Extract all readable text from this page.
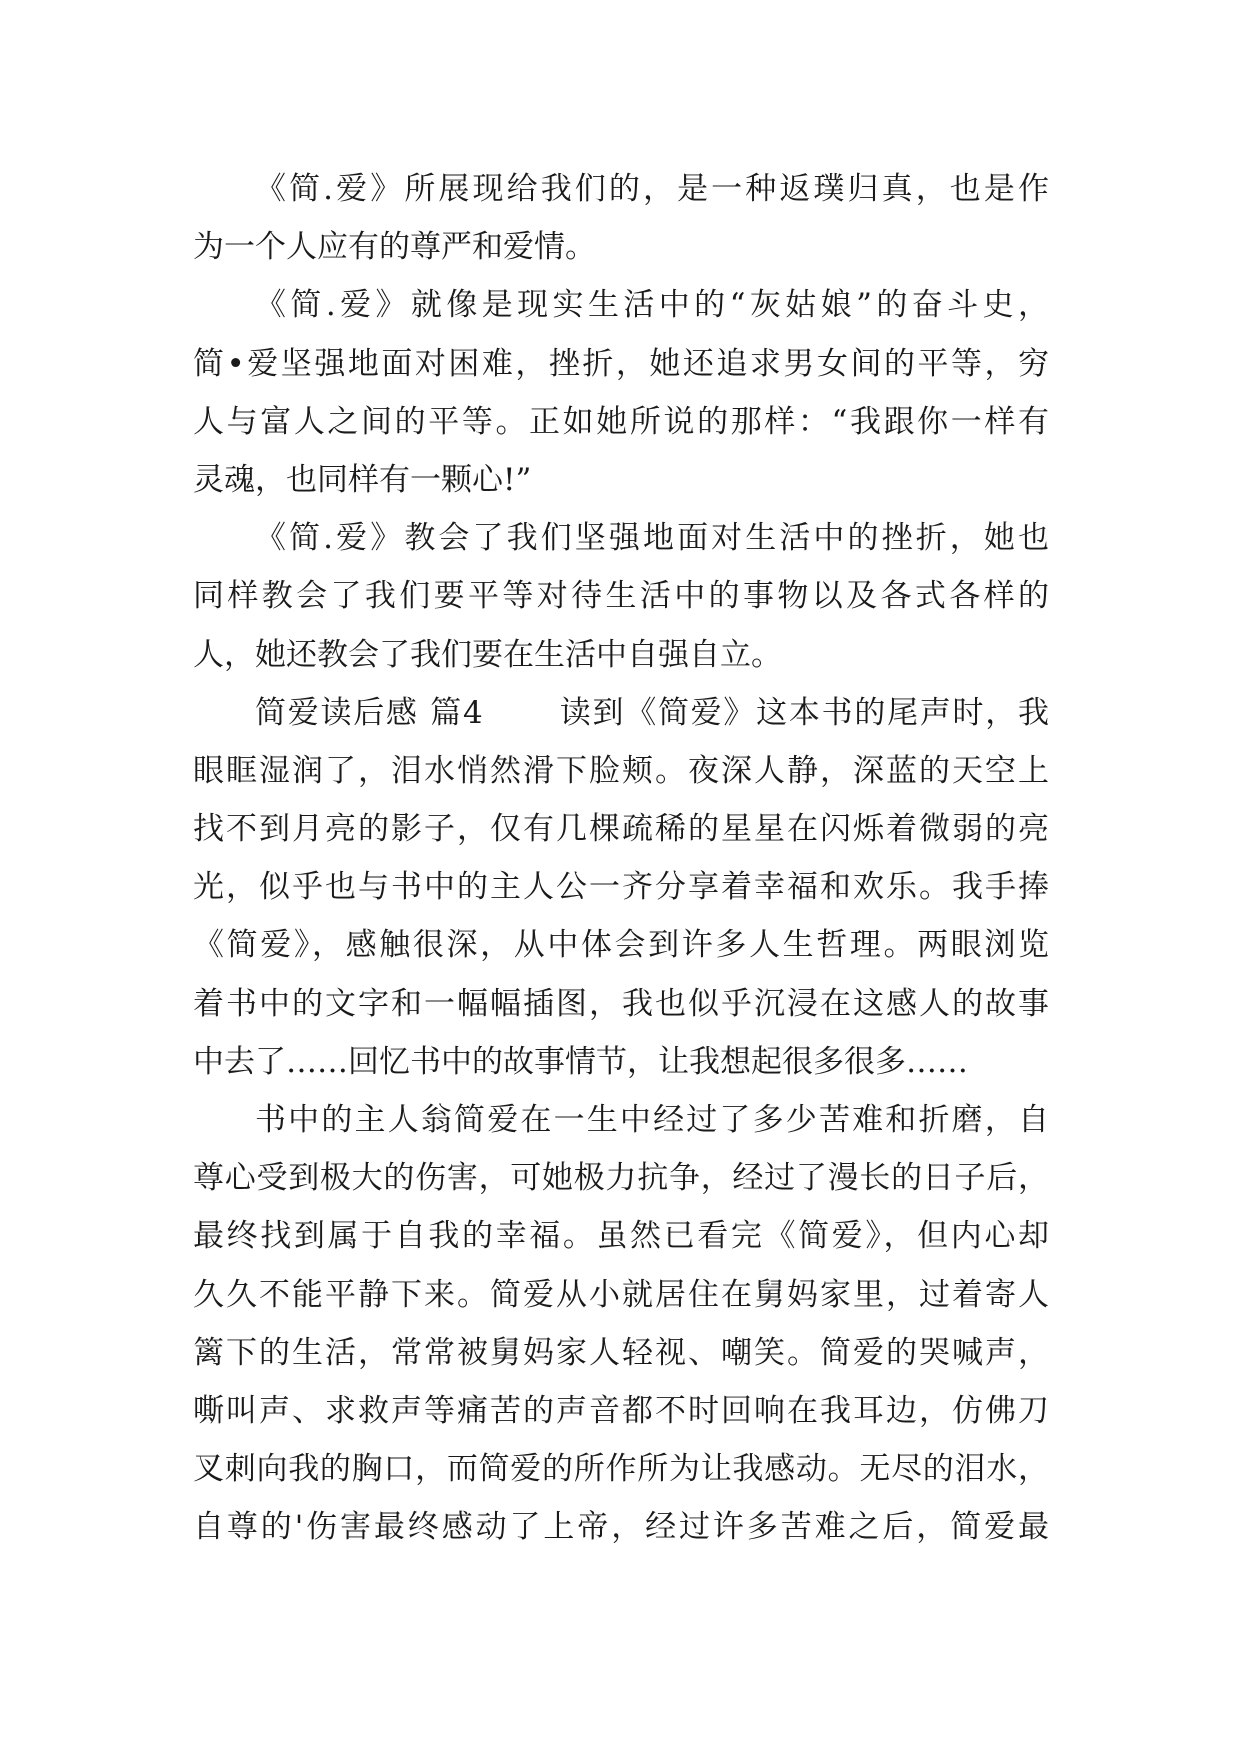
《简.爱》所展现给我们的，是一种返璞归真，也是作
为一个人应有的尊严和爱情。
《简.爱》就像是现实生活中的“灰姑娘”的奋斗史，
简•爱坚强地面对困难，挫折，她还追求男女间的平等，穷
人与富人之间的平等。正如她所说的那样：“我跟你一样有
灵魂，也同样有一颗心!”
《简.爱》教会了我们坚强地面对生活中的挫折，她也
同样教会了我们要平等对待生活中的事物以及各式各样的
人，她还教会了我们要在生活中自强自立。
简爱读后感 篇4 　　读到《简爱》这本书的尾声时，我
眼眶湿润了，泪水悄然滑下脸颊。夜深人静，深蓝的天空上
找不到月亮的影子，仅有几棵疏稀的星星在闪烁着微弱的亮
光，似乎也与书中的主人公一齐分享着幸福和欢乐。我手捧
《简爱》，感触很深，从中体会到许多人生哲理。两眼浏览
着书中的文字和一幅幅插图，我也似乎沉浸在这感人的故事
中去了……回忆书中的故事情节，让我想起很多很多……
书中的主人翁简爱在一生中经过了多少苦难和折磨，自
尊心受到极大的伤害，可她极力抗争，经过了漫长的日子后，
最终找到属于自我的幸福。虽然已看完《简爱》，但内心却
久久不能平静下来。简爱从小就居住在舅妈家里，过着寄人
篱下的生活，常常被舅妈家人轻视、嘲笑。简爱的哭喊声，
嘶叫声、求救声等痛苦的声音都不时回响在我耳边，仿佛刀
叉刺向我的胸口，而简爱的所作所为让我感动。无尽的泪水，
自尊的'伤害最终感动了上帝，经过许多苦难之后，简爱最
